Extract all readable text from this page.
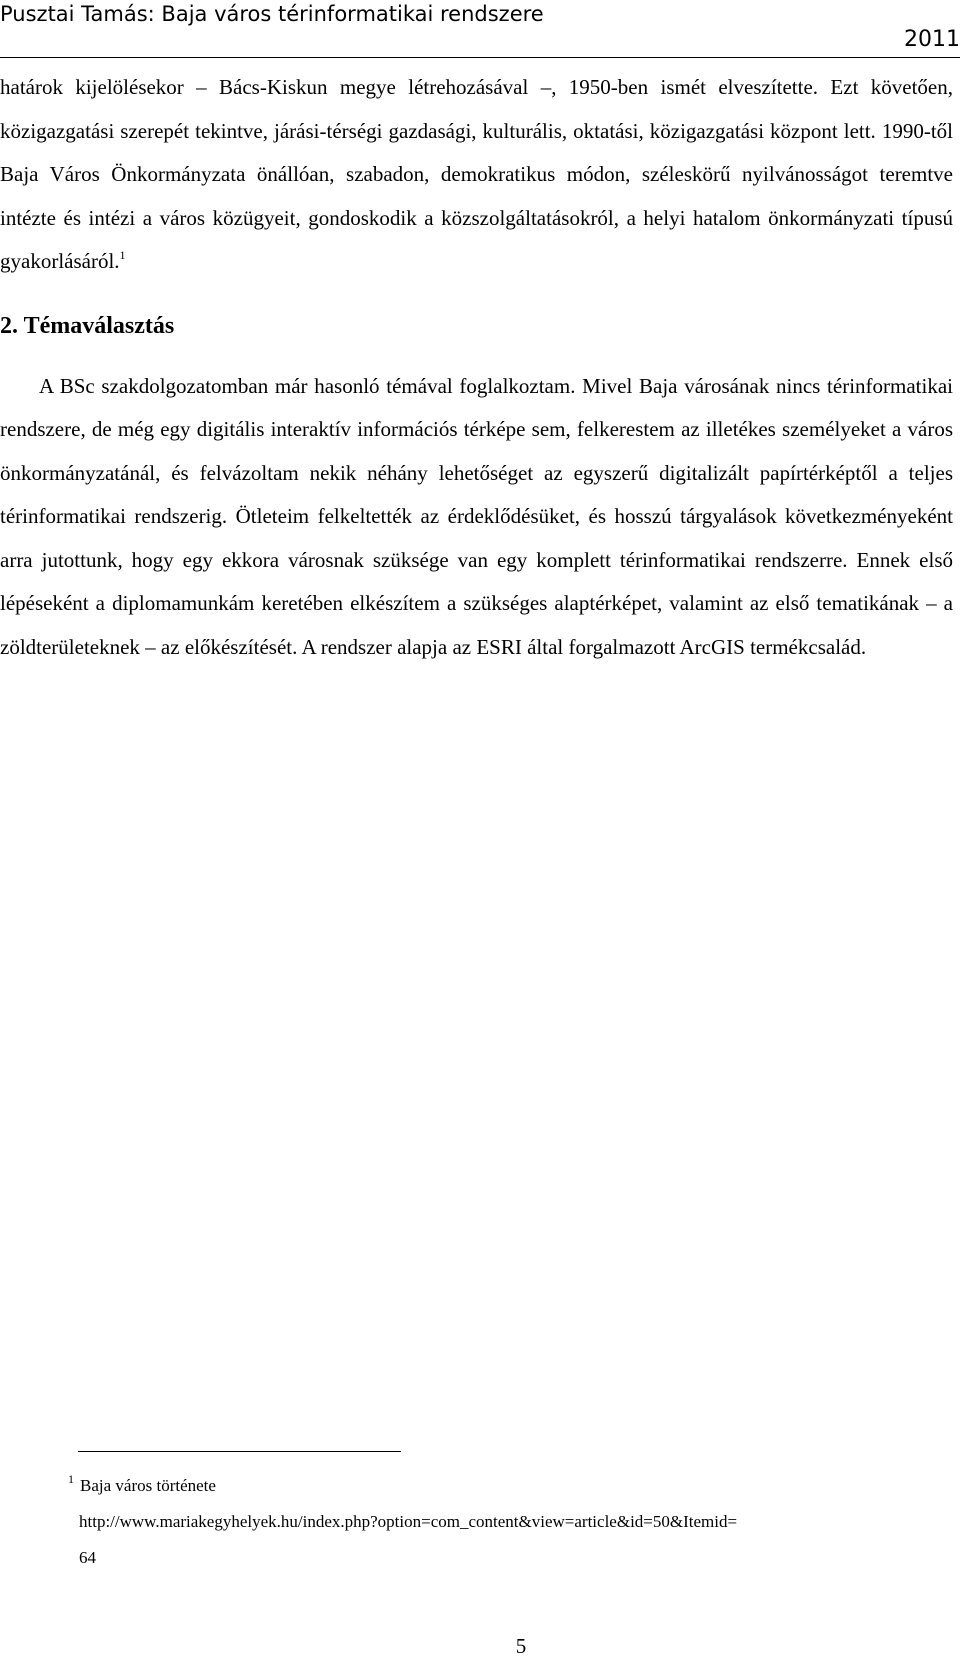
Pusztai Tamás: Baja város térinformatikai rendszere
2011

határok kijelölésekor – Bács-Kiskun megye létrehozásával –, 1950-ben ismét elveszítette. Ezt követően, közigazgatási szerepét tekintve, járási-térségi gazdasági, kulturális, oktatási, közigazgatási központ lett. 1990-től Baja Város Önkormányzata önállóan, szabadon, demokratikus módon, széleskörű nyilvánosságot teremtve intézte és intézi a város közügyeit, gondoskodik a közszolgáltatásokról, a helyi hatalom önkormányzati típusú gyakorlásáról.$^1$

2. Témaválasztás

A BSc szakdolgozatomban már hasonló témával foglalkoztam. Mivel Baja városának nincs térinformatikai rendszere, de még egy digitális interaktív információs térképe sem, felkerestem az illetékes személyeket a város önkormányzatánál, és felvázoltam nekik néhány lehetőséget az egyszerű digitalizált papírtérképtől a teljes térinformatikai rendszerig. Ötleteim felkeltették az érdeklődésüket, és hosszú tárgyalások következményeként arra jutottunk, hogy egy ekkora városnak szüksége van egy komplett térinformatikai rendszerre. Ennek első lépéseként a diplomamunkám keretében elkészítem a szükséges alaptérképet, valamint az első tematikának – a zöldterületeknek – az előkészítését. A rendszer alapja az ESRI által forgalmazott ArcGIS termékcsalád.

$^1$ Baja város története
http://www.mariakegyhelyek.hu/index.php?option=com_content&view=article&id=50&Itemid=
64
5
